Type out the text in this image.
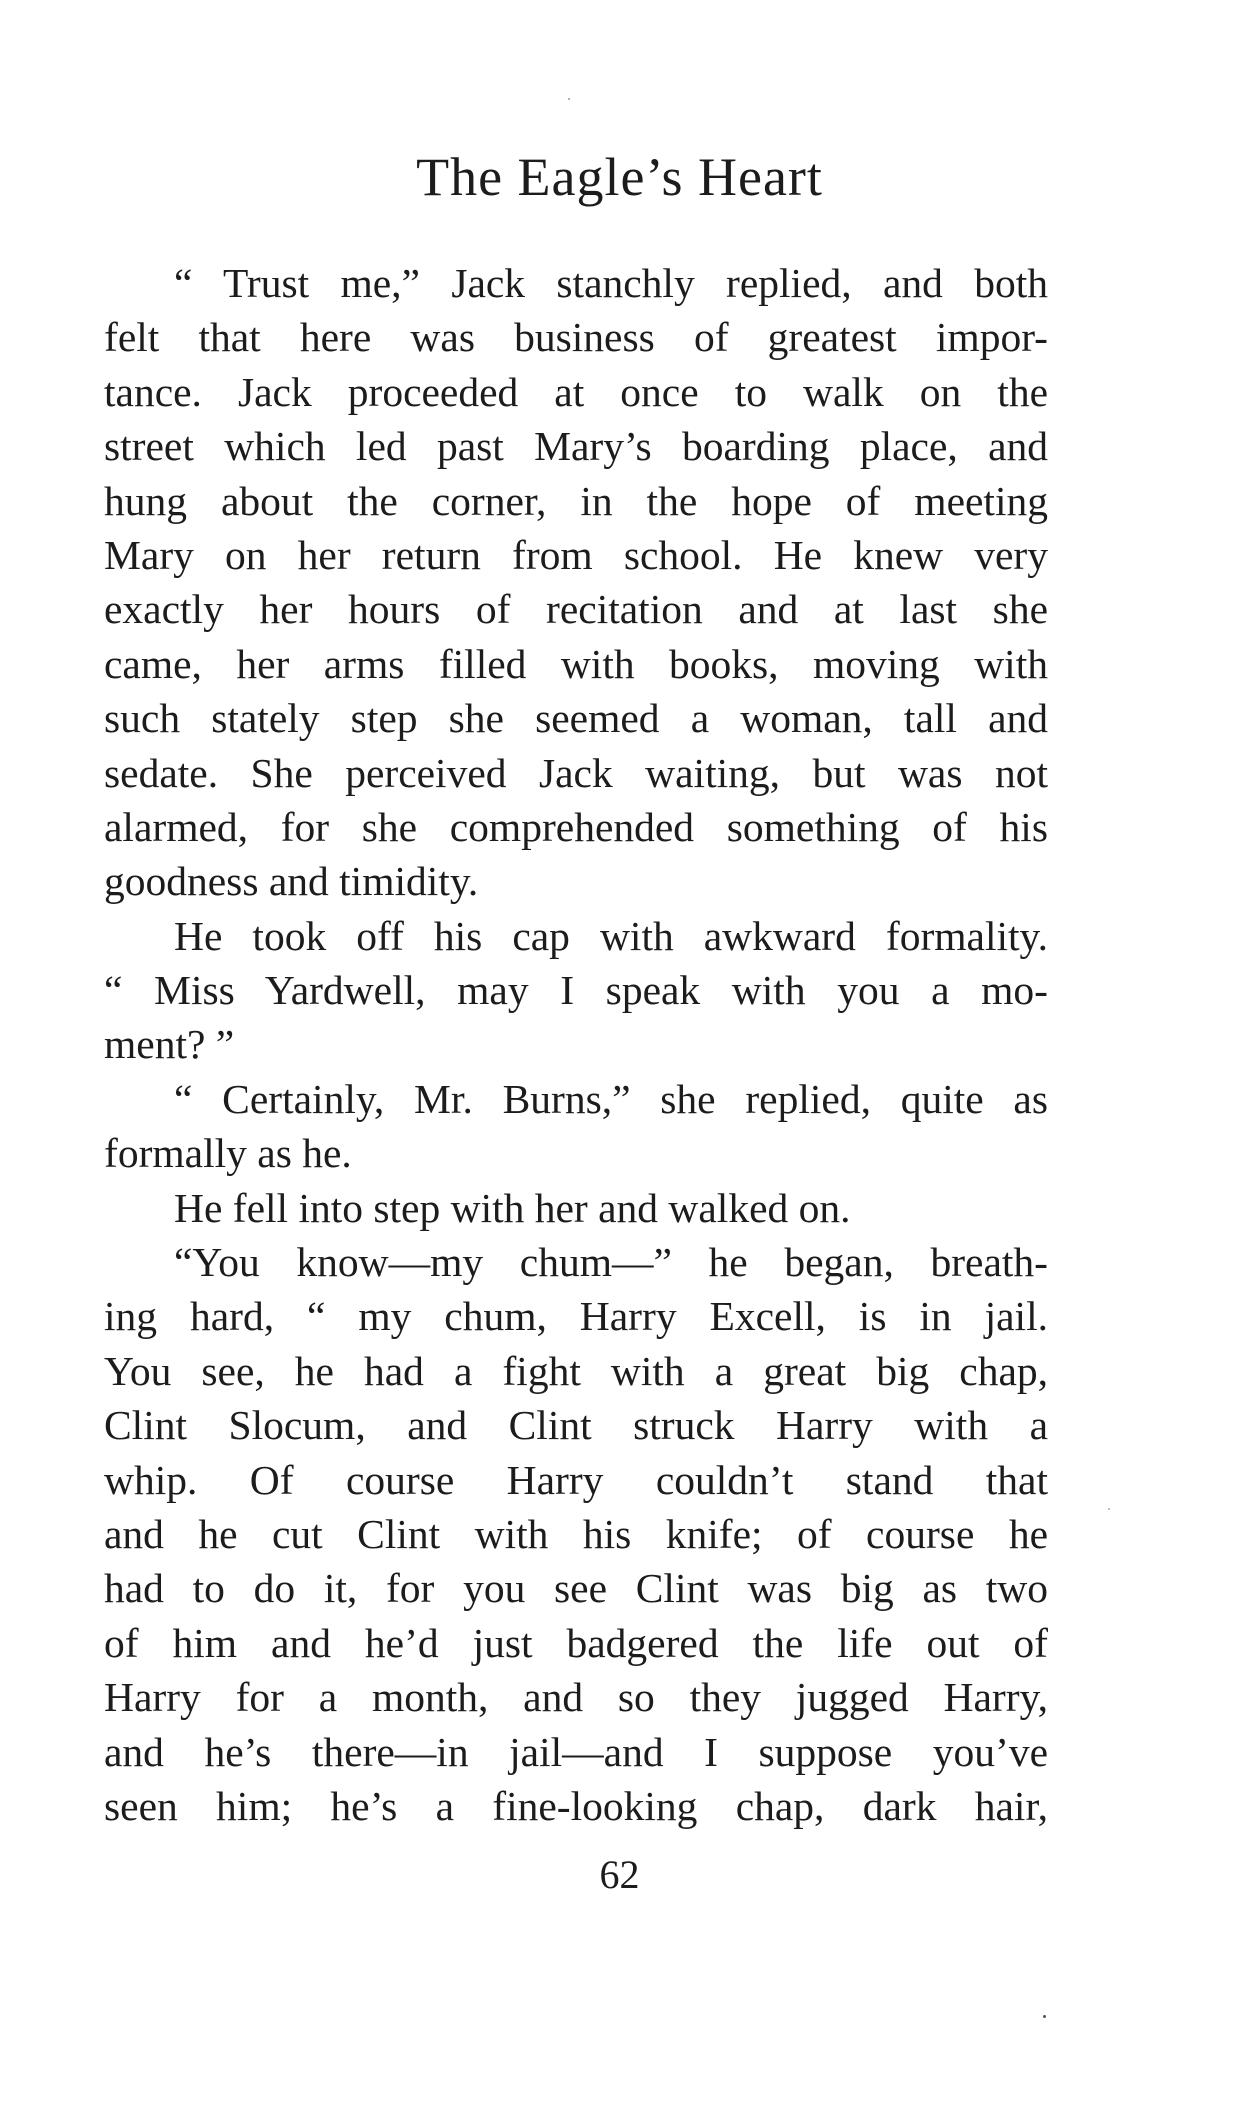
The Eagle’s Heart
“ Trust me,” Jack stanchly replied, and both
felt that here was business of greatest impor-
tance. Jack proceeded at once to walk on the
street which led past Mary’s boarding place, and
hung about the corner, in the hope of meeting
Mary on her return from school. He knew very
exactly her hours of recitation and at last she
came, her arms filled with books, moving with
such stately step she seemed a woman, tall and
sedate. She perceived Jack waiting, but was not
alarmed, for she comprehended something of his
goodness and timidity.
He took off his cap with awkward formality.
“ Miss Yardwell, may I speak with you a mo-
ment? ”
“ Certainly, Mr. Burns,” she replied, quite as
formally as he.
He fell into step with her and walked on.
“You know—my chum—” he began, breath-
ing hard, “ my chum, Harry Excell, is in jail.
You see, he had a fight with a great big chap,
Clint Slocum, and Clint struck Harry with a
whip. Of course Harry couldn’t stand that
and he cut Clint with his knife; of course he
had to do it, for you see Clint was big as two
of him and he’d just badgered the life out of
Harry for a month, and so they jugged Harry,
and he’s there—in jail—and I suppose you’ve
seen him; he’s a fine-looking chap, dark hair,
62
